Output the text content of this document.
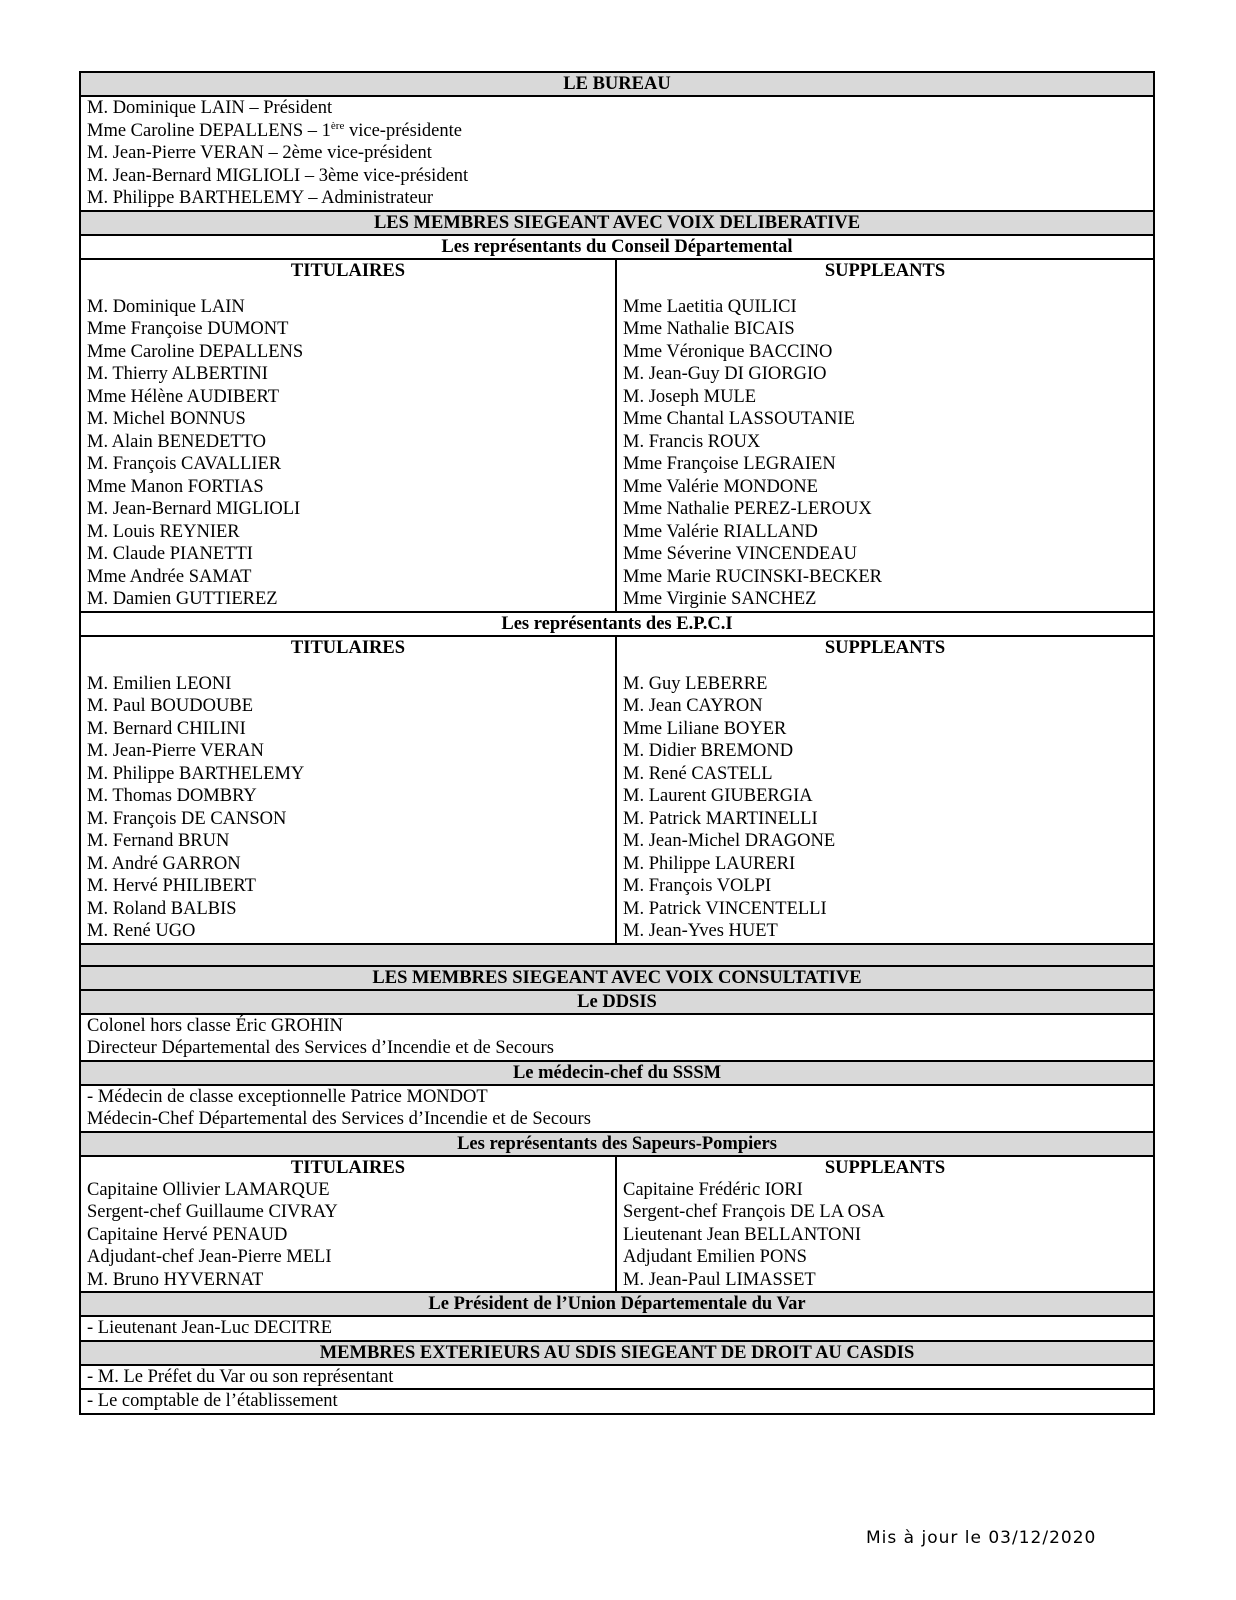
LE BUREAU
M. Dominique LAIN – Président
Mme Caroline DEPALLENS – 1ère vice-présidente
M. Jean-Pierre VERAN – 2ème vice-président
M. Jean-Bernard MIGLIOLI – 3ème vice-président
M. Philippe BARTHELEMY – Administrateur
LES MEMBRES SIEGEANT AVEC VOIX DELIBERATIVE
Les représentants du Conseil Départemental
TITULAIRES
M. Dominique LAIN
Mme Françoise DUMONT
Mme Caroline DEPALLENS
M. Thierry ALBERTINI
Mme Hélène AUDIBERT
M. Michel BONNUS
M. Alain BENEDETTO
M. François CAVALLIER
Mme Manon FORTIAS
M. Jean-Bernard MIGLIOLI
M. Louis REYNIER
M. Claude PIANETTI
Mme Andrée SAMAT
M. Damien GUTTIEREZ
SUPPLEANTS
Mme Laetitia QUILICI
Mme Nathalie BICAIS
Mme Véronique BACCINO
M. Jean-Guy DI GIORGIO
M. Joseph MULE
Mme Chantal LASSOUTANIE
M. Francis ROUX
Mme Françoise LEGRAIEN
Mme Valérie MONDONE
Mme Nathalie PEREZ-LEROUX
Mme Valérie RIALLAND
Mme Séverine VINCENDEAU
Mme Marie RUCINSKI-BECKER
Mme Virginie SANCHEZ
Les représentants des E.P.C.I
TITULAIRES
M. Emilien LEONI
M. Paul BOUDOUBE
M. Bernard CHILINI
M. Jean-Pierre VERAN
M. Philippe BARTHELEMY
M. Thomas DOMBRY
M. François DE CANSON
M. Fernand BRUN
M. André GARRON
M. Hervé PHILIBERT
M. Roland BALBIS
M. René UGO
SUPPLEANTS
M. Guy LEBERRE
M. Jean CAYRON
Mme Liliane BOYER
M. Didier BREMOND
M. René CASTELL
M. Laurent GIUBERGIA
M. Patrick MARTINELLI
M. Jean-Michel DRAGONE
M. Philippe LAURERI
M. François VOLPI
M. Patrick VINCENTELLI
M. Jean-Yves HUET
LES MEMBRES SIEGEANT AVEC VOIX CONSULTATIVE
Le DDSIS
Colonel hors classe Éric GROHIN
Directeur Départemental des Services d’Incendie et de Secours
Le médecin-chef du SSSM
- Médecin de classe exceptionnelle Patrice MONDOT
Médecin-Chef Départemental des Services d’Incendie et de Secours
Les représentants des Sapeurs-Pompiers
TITULAIRES
Capitaine Ollivier LAMARQUE
Sergent-chef Guillaume CIVRAY
Capitaine Hervé PENAUD
Adjudant-chef Jean-Pierre MELI
M. Bruno HYVERNAT
SUPPLEANTS
Capitaine Frédéric IORI
Sergent-chef François DE LA OSA
Lieutenant Jean BELLANTONI
Adjudant Emilien PONS
M. Jean-Paul LIMASSET
Le Président de l’Union Départementale du Var
- Lieutenant Jean-Luc DECITRE
MEMBRES EXTERIEURS AU SDIS SIEGEANT DE DROIT AU CASDIS
- M. Le Préfet du Var ou son représentant
- Le comptable de l’établissement
Mis à jour le 03/12/2020
